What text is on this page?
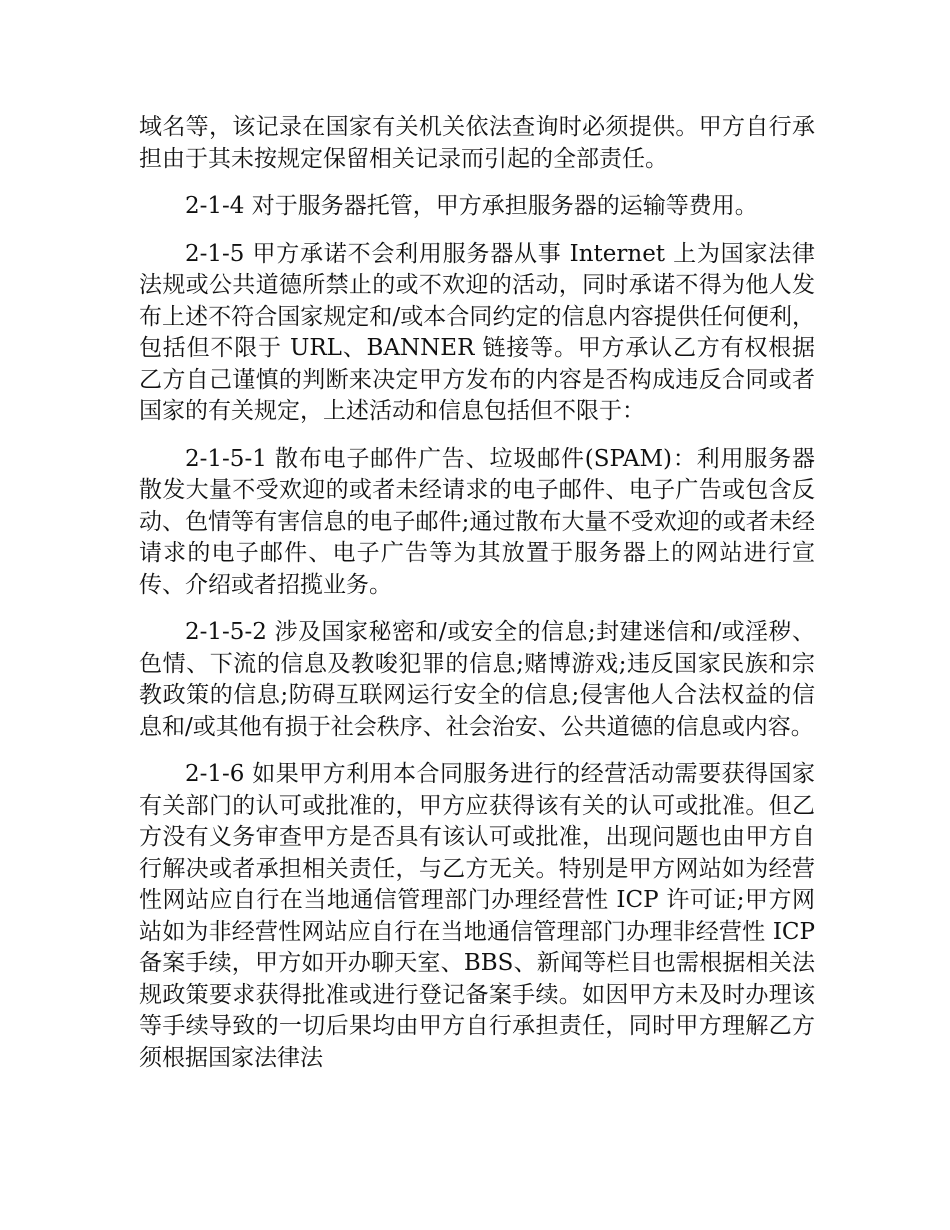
域名等，该记录在国家有关机关依法查询时必须提供。甲方自行承担由于其未按规定保留相关记录而引起的全部责任。

2-1-4 对于服务器托管，甲方承担服务器的运输等费用。

2-1-5 甲方承诺不会利用服务器从事 Internet 上为国家法律法规或公共道德所禁止的或不欢迎的活动，同时承诺不得为他人发布上述不符合国家规定和/或本合同约定的信息内容提供任何便利，包括但不限于 URL、BANNER 链接等。甲方承认乙方有权根据乙方自己谨慎的判断来决定甲方发布的内容是否构成违反合同或者国家的有关规定，上述活动和信息包括但不限于：

2-1-5-1 散布电子邮件广告、垃圾邮件(SPAM)：利用服务器散发大量不受欢迎的或者未经请求的电子邮件、电子广告或包含反动、色情等有害信息的电子邮件;通过散布大量不受欢迎的或者未经请求的电子邮件、电子广告等为其放置于服务器上的网站进行宣传、介绍或者招揽业务。

2-1-5-2 涉及国家秘密和/或安全的信息;封建迷信和/或淫秽、色情、下流的信息及教唆犯罪的信息;赌博游戏;违反国家民族和宗教政策的信息;防碍互联网运行安全的信息;侵害他人合法权益的信息和/或其他有损于社会秩序、社会治安、公共道德的信息或内容。

2-1-6 如果甲方利用本合同服务进行的经营活动需要获得国家有关部门的认可或批准的，甲方应获得该有关的认可或批准。但乙方没有义务审查甲方是否具有该认可或批准，出现问题也由甲方自行解决或者承担相关责任，与乙方无关。特别是甲方网站如为经营性网站应自行在当地通信管理部门办理经营性 ICP 许可证;甲方网站如为非经营性网站应自行在当地通信管理部门办理非经营性 ICP 备案手续，甲方如开办聊天室、BBS、新闻等栏目也需根据相关法规政策要求获得批准或进行登记备案手续。如因甲方未及时办理该等手续导致的一切后果均由甲方自行承担责任，同时甲方理解乙方须根据国家法律法
